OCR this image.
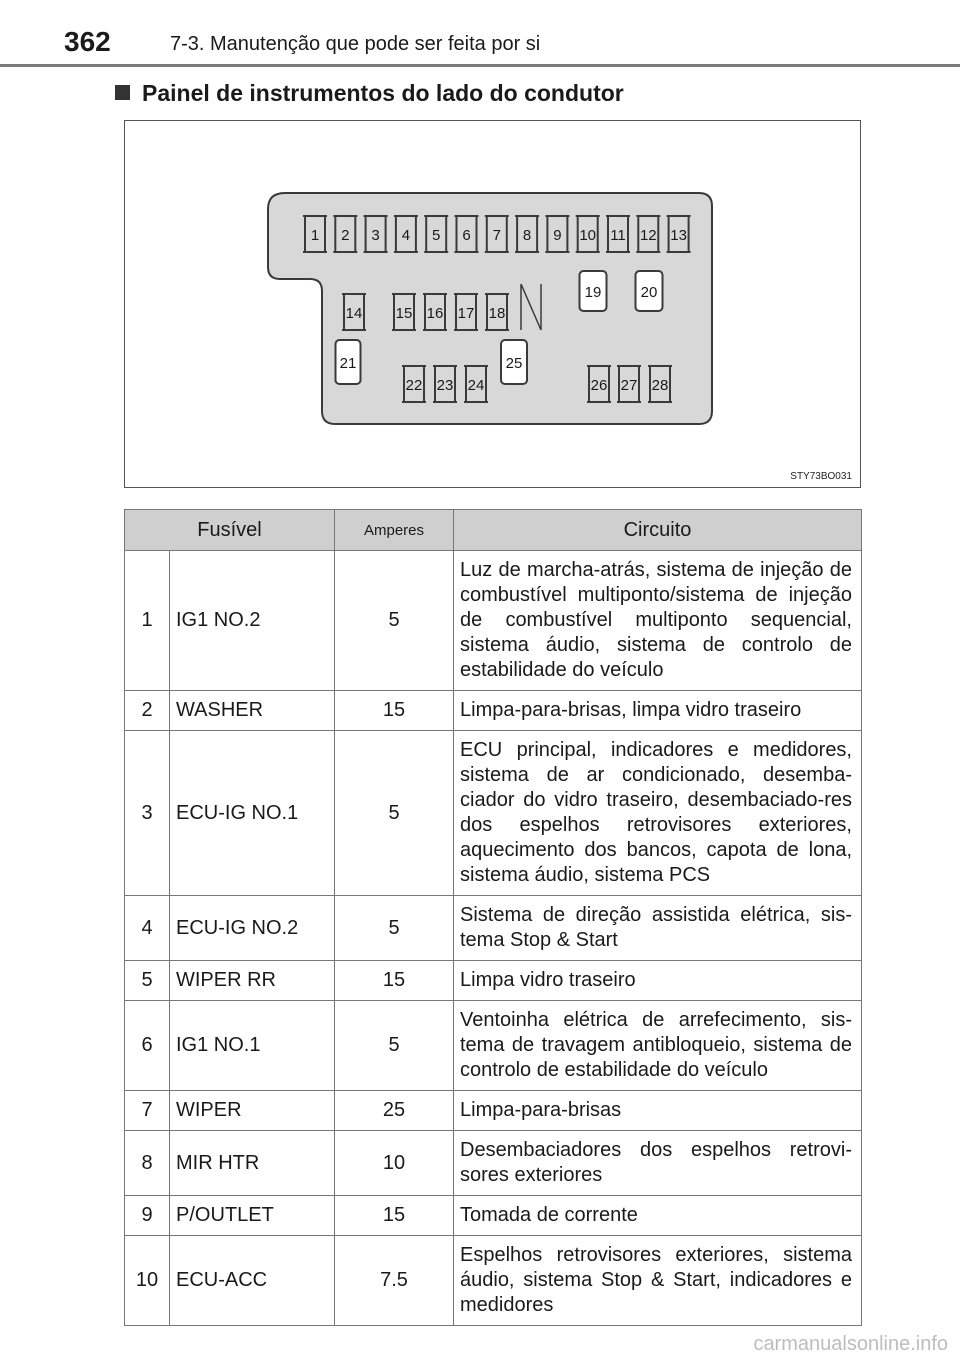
362	7-3. Manutenção que pode ser feita por si
Painel de instrumentos do lado do condutor
1 2 3 4 5 6 7 8 9 10 11 12 13
14 15 16 17 18
19	20
21
22 23 24
25
26 27 28
STY73BO031
Fusível		Amperes	Circuito
1	IG1 NO.2	5	Luz de marcha-atrás, sistema de injeção de combustível multiponto/sistema de injeção de combustível multiponto sequencial, sistema áudio, sistema de controlo de estabilidade do veículo
2	WASHER	15	Limpa-para-brisas, limpa vidro traseiro
3	ECU-IG NO.1	5	ECU principal, indicadores e medidores, sistema de ar condicionado, desemba-ciador do vidro traseiro, desembaciado-res dos espelhos retrovisores exteriores, aquecimento dos bancos, capota de lona, sistema áudio, sistema PCS
4	ECU-IG NO.2	5	Sistema de direção assistida elétrica, sis-tema Stop & Start
5	WIPER RR	15	Limpa vidro traseiro
6	IG1 NO.1	5	Ventoinha elétrica de arrefecimento, sis-tema de travagem antibloqueio, sistema de controlo de estabilidade do veículo
7	WIPER	25	Limpa-para-brisas
8	MIR HTR	10	Desembaciadores dos espelhos retrovi-sores exteriores
9	P/OUTLET	15	Tomada de corrente
10	ECU-ACC	7.5	Espelhos retrovisores exteriores, sistema áudio, sistema Stop & Start, indicadores e medidores
carmanualsonline.info
